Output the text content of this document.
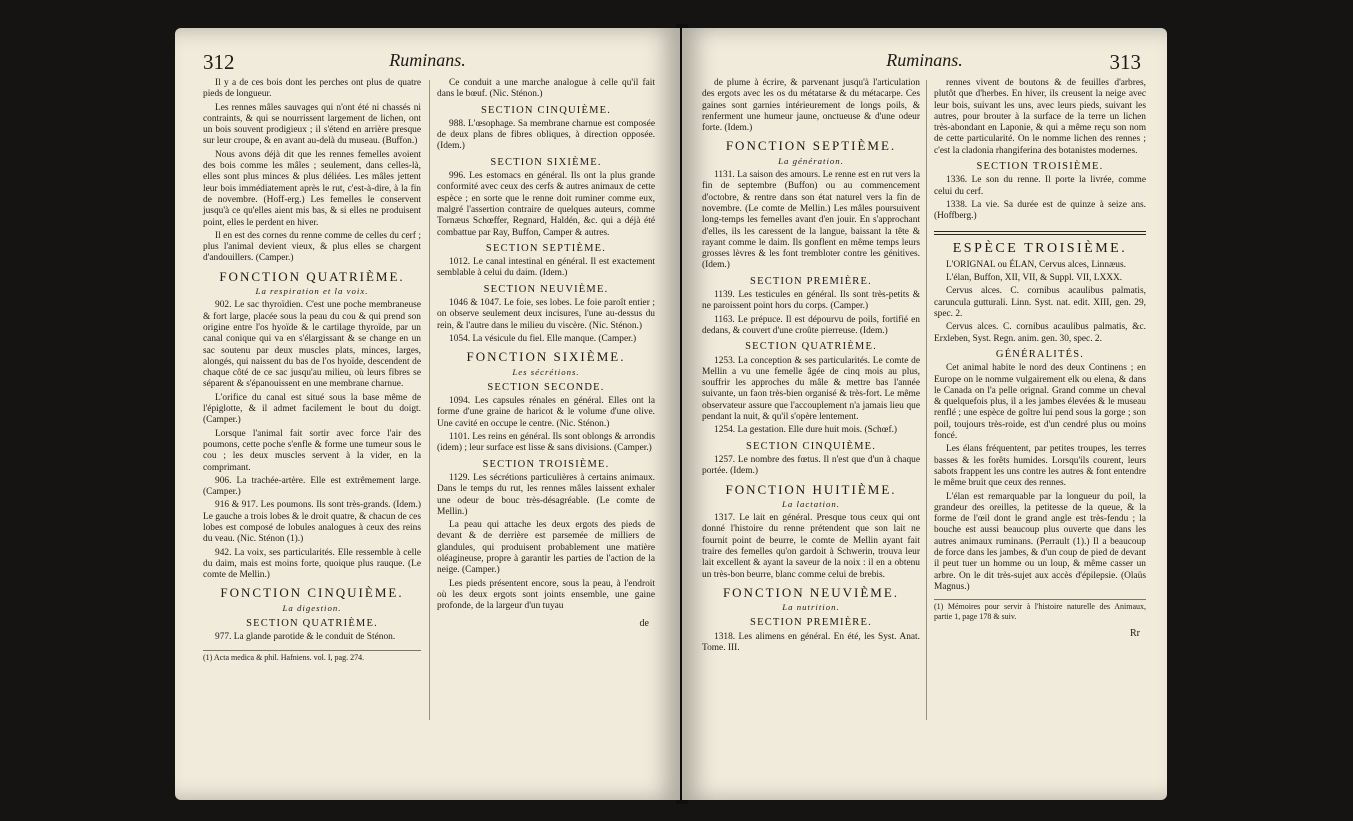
312	Ruminans.

Il y a de ces bois dont les perches ont plus de quatre pieds de longueur.

Les rennes mâles sauvages qui n'ont été ni chassés ni contraints, & qui se nourrissent largement de lichen, ont un bois souvent prodigieux ; il s'étend en arrière presque sur leur croupe, & en avant au-delà du museau. (Buffon.)

Nous avons déjà dit que les rennes femelles avoient des bois comme les mâles ; seulement, dans celles-là, elles sont plus minces & plus déliées. Les mâles jettent leur bois immédiatement après le rut, c'est-à-dire, à la fin de novembre. (Hoff-erg.) Les femelles le conservent jusqu'à ce qu'elles aient mis bas, & si elles ne produisent point, elles le perdent en hiver.

Il en est des cornes du renne comme de celles du cerf ; plus l'animal devient vieux, & plus elles se chargent d'andouillers. (Camper.)

FONCTION QUATRIÈME.
La respiration et la voix.

902. Le sac thyroïdien. C'est une poche membraneuse & fort large, placée sous la peau du cou & qui prend son origine entre l'os hyoïde & le cartilage thyroïde, par un canal conique qui va en s'élargissant & se change en un sac soutenu par deux muscles plats, minces, larges, alongés, qui naissent du bas de l'os hyoïde, descendent de chaque côté de ce sac jusqu'au milieu, où leurs fibres se séparent & s'épanouissent en une membrane charnue.

L'orifice du canal est situé sous la base même de l'épiglotte, & il admet facilement le bout du doigt. (Camper.)

Lorsque l'animal fait sortir avec force l'air des poumons, cette poche s'enfle & forme une tumeur sous le cou ; les deux muscles servent à la vider, en la comprimant.

906. La trachée-artère. Elle est extrêmement large. (Camper.)

916 & 917. Les poumons. Ils sont très-grands. (Idem.) Le gauche a trois lobes & le droit quatre, & chacun de ces lobes est composé de lobules analogues à ceux des reins du veau. (Nic. Sténon (1).)

942. La voix, ses particularités. Elle ressemble à celle du daim, mais est moins forte, quoique plus rauque. (Le comte de Mellin.)

FONCTION CINQUIÈME.
La digestion.
SECTION QUATRIÈME.

977. La glande parotide & le conduit de Sténon.

(1) Acta medica & phil. Hafniens. vol. I, pag. 274.

Ce conduit a une marche analogue à celle qu'il fait dans le bœuf. (Nic. Sténon.)

SECTION CINQUIÈME.

988. L'œsophage. Sa membrane charnue est composée de deux plans de fibres obliques, à direction opposée. (Idem.)

SECTION SIXIÈME.

996. Les estomacs en général. Ils ont la plus grande conformité avec ceux des cerfs & autres animaux de cette espèce ; en sorte que le renne doit ruminer comme eux, malgré l'assertion contraire de quelques auteurs, comme Tornæus Schœffer, Regnard, Haldén, &c. qui a déjà été combattue par Ray, Buffon, Camper & autres.

SECTION SEPTIÈME.

1012. Le canal intestinal en général. Il est exactement semblable à celui du daim. (Idem.)

SECTION NEUVIÈME.

1046 & 1047. Le foie, ses lobes. Le foie paroît entier ; on observe seulement deux incisures, l'une au-dessus du rein, & l'autre dans le milieu du viscère. (Nic. Sténon.)

1054. La vésicule du fiel. Elle manque. (Camper.)

FONCTION SIXIÈME.
Les sécrétions.
SECTION SECONDE.

1094. Les capsules rénales en général. Elles ont la forme d'une graine de haricot & le volume d'une olive. Une cavité en occupe le centre. (Nic. Sténon.)

1101. Les reins en général. Ils sont oblongs & arrondis (idem) ; leur surface est lisse & sans divisions. (Camper.)

SECTION TROISIÈME.

1129. Les sécrétions particulières à certains animaux. Dans le temps du rut, les rennes mâles laissent exhaler une odeur de bouc très-désagréable. (Le comte de Mellin.)

La peau qui attache les deux ergots des pieds de devant & de derrière est parsemée de milliers de glandules, qui produisent probablement une matière oléagineuse, propre à garantir les parties de l'action de la neige. (Camper.)

Les pieds présentent encore, sous la peau, à l'endroit où les deux ergots sont joints ensemble, une gaine profonde, de la largeur d'un tuyau

de
Ruminans.	313

de plume à écrire, & parvenant jusqu'à l'articulation des ergots avec les os du métatarse & du métacarpe. Ces gaines sont garnies intérieurement de longs poils, & renferment une humeur jaune, onctueuse & d'une odeur forte. (Idem.)

FONCTION SEPTIÈME.
La génération.

1131. La saison des amours. Le renne est en rut vers la fin de septembre (Buffon) ou au commencement d'octobre, & rentre dans son état naturel vers la fin de novembre. (Le comte de Mellin.) Les mâles poursuivent long-temps les femelles avant d'en jouir. En s'approchant d'elles, ils les caressent de la langue, baissant la tête & rayant comme le daim. Ils gonflent en même temps leurs grosses lèvres & les font trembloter contre les génitives. (Idem.)

SECTION PREMIÈRE.

1139. Les testicules en général. Ils sont très-petits & ne paroissent point hors du corps. (Camper.)

1163. Le prépuce. Il est dépourvu de poils, fortifié en dedans, & couvert d'une croûte pierreuse. (Idem.)

SECTION QUATRIÈME.

1253. La conception & ses particularités. Le comte de Mellin a vu une femelle âgée de cinq mois au plus, souffrir les approches du mâle & mettre bas l'année suivante, un faon très-bien organisé & très-fort. Le même observateur assure que l'accouplement n'a jamais lieu que pendant la nuit, & qu'il s'opère lentement.

1254. La gestation. Elle dure huit mois. (Schœf.)

SECTION CINQUIÈME.

1257. Le nombre des fœtus. Il n'est que d'un à chaque portée. (Idem.)

FONCTION HUITIÈME.
La lactation.

1317. Le lait en général. Presque tous ceux qui ont donné l'histoire du renne prétendent que son lait ne fournit point de beurre, le comte de Mellin ayant fait traire des femelles qu'on gardoit à Schwerin, trouva leur lait excellent & ayant la saveur de la noix : il en a obtenu un très-bon beurre, blanc comme celui de brebis.

FONCTION NEUVIÈME.
La nutrition.
SECTION PREMIÈRE.

1318. Les alimens en général. En été, les Syst. Anat. Tome. III.

rennes vivent de boutons & de feuilles d'arbres, plutôt que d'herbes. En hiver, ils creusent la neige avec leur bois, suivant les uns, avec leurs pieds, suivant les autres, pour brouter à la surface de la terre un lichen très-abondant en Laponie, & qui a même reçu son nom de cette particularité. On le nomme lichen des rennes ; c'est la cladonia rhangiferina des botanistes modernes.

SECTION TROISIÈME.

1336. Le son du renne. Il porte la livrée, comme celui du cerf.

1338. La vie. Sa durée est de quinze à seize ans. (Hoffberg.)

ESPÈCE TROISIÈME.

L'ORIGNAL ou ÉLAN, Cervus alces, Linnæus.

L'élan, Buffon, XII, VII, & Suppl. VII, LXXX.

Cervus alces. C. cornibus acaulibus palmatis, caruncula gutturali. Linn. Syst. nat. edit. XIII, gen. 29, spec. 2.

Cervus alces. C. cornibus acaulibus palmatis, &c. Erxleben, Syst. Regn. anim. gen. 30, spec. 2.

GÉNÉRALITÉS.

Cet animal habite le nord des deux Continens ; en Europe on le nomme vulgairement elk ou elena, & dans le Canada on l'a pelle orignal. Grand comme un cheval & quelquefois plus, il a les jambes élevées & le museau renflé ; une espèce de goître lui pend sous la gorge ; son poil, toujours très-roide, est d'un cendré plus ou moins foncé.

Les élans fréquentent, par petites troupes, les terres basses & les forêts humides. Lorsqu'ils courent, leurs sabots frappent les uns contre les autres & font entendre le même bruit que ceux des rennes.

L'élan est remarquable par la longueur du poil, la grandeur des oreilles, la petitesse de la queue, & la forme de l'œil dont le grand angle est très-fendu ; la bouche est aussi beaucoup plus ouverte que dans les autres animaux ruminans. (Perrault (1).) Il a beaucoup de force dans les jambes, & d'un coup de pied de devant il peut tuer un homme ou un loup, & même casser un arbre. On le dit très-sujet aux accès d'épilepsie. (Olaüs Magnus.)

(1) Mémoires pour servir à l'histoire naturelle des Animaux, partie 1, page 178 & suiv.
Rr
